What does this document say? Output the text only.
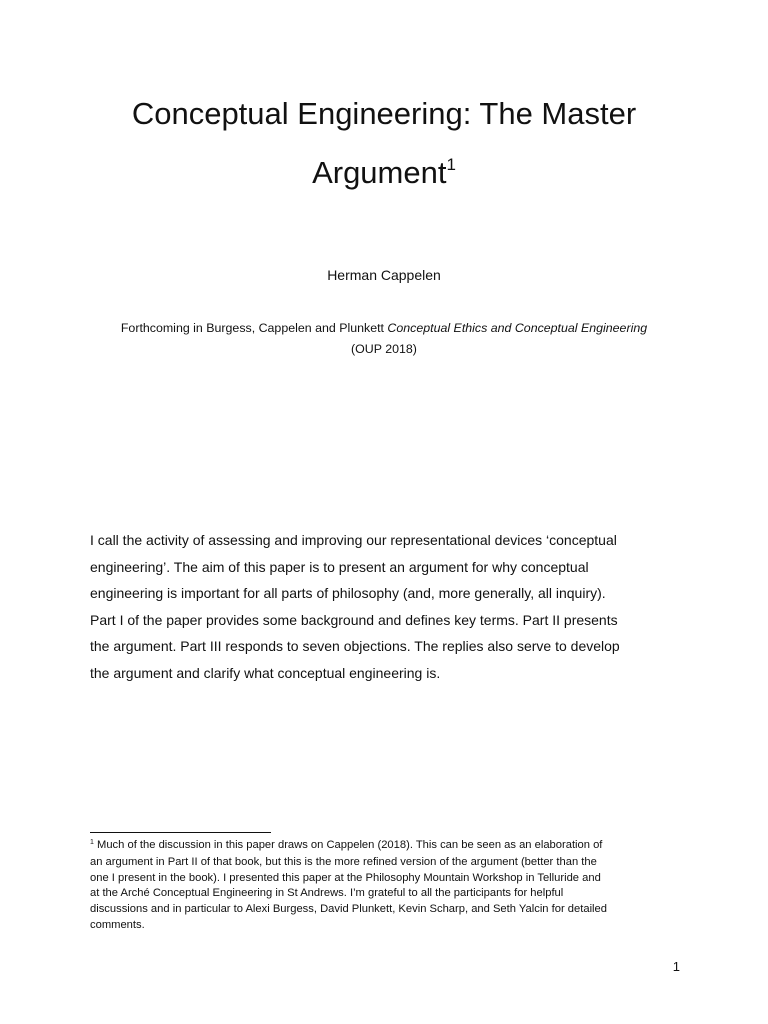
Conceptual Engineering: The Master
Argument$^1$
Herman Cappelen
Forthcoming in Burgess, Cappelen and Plunkett Conceptual Ethics and Conceptual Engineering
(OUP 2018)
I call the activity of assessing and improving our representational devices ‘conceptual
engineering’. The aim of this paper is to present an argument for why conceptual
engineering is important for all parts of philosophy (and, more generally, all inquiry).
Part I of the paper provides some background and defines key terms. Part II presents
the argument. Part III responds to seven objections. The replies also serve to develop
the argument and clarify what conceptual engineering is.
$^1$ Much of the discussion in this paper draws on Cappelen (2018). This can be seen as an elaboration of
an argument in Part II of that book, but this is the more refined version of the argument (better than the
one I present in the book). I presented this paper at the Philosophy Mountain Workshop in Telluride and
at the Arché Conceptual Engineering in St Andrews. I’m grateful to all the participants for helpful
discussions and in particular to Alexi Burgess, David Plunkett, Kevin Scharp, and Seth Yalcin for detailed
comments.
1
